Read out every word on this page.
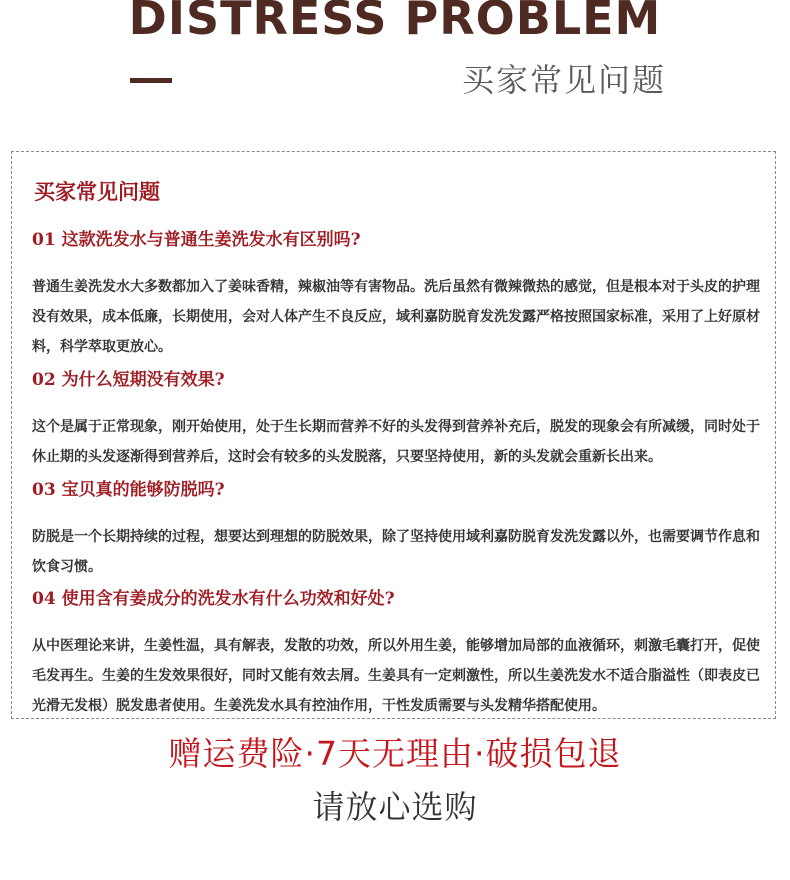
DISTRESS PROBLEM
买家常见问题
买家常见问题
01 这款洗发水与普通生姜洗发水有区别吗?
普通生姜洗发水大多数都加入了姜味香精，辣椒油等有害物品。洗后虽然有微辣微热的感觉，但是根本对于头皮的护理没有效果，成本低廉，长期使用，会对人体产生不良反应，域利嘉防脱育发洗发露严格按照国家标准，采用了上好原材料，科学萃取更放心。
02 为什么短期没有效果?
这个是属于正常现象，刚开始使用，处于生长期而营养不好的头发得到营养补充后，脱发的现象会有所减缓，同时处于休止期的头发逐渐得到营养后，这时会有较多的头发脱落，只要坚持使用，新的头发就会重新长出来。
03 宝贝真的能够防脱吗?
防脱是一个长期持续的过程，想要达到理想的防脱效果，除了坚持使用域利嘉防脱育发洗发露以外，也需要调节作息和饮食习惯。
04 使用含有姜成分的洗发水有什么功效和好处?
从中医理论来讲，生姜性温，具有解表，发散的功效，所以外用生姜，能够增加局部的血液循环，刺激毛囊打开，促使毛发再生。生姜的生发效果很好，同时又能有效去屑。生姜具有一定刺激性，所以生姜洗发水不适合脂溢性（即表皮已光滑无发根）脱发患者使用。生姜洗发水具有控油作用，干性发质需要与头发精华搭配使用。
赠运费险·7天无理由·破损包退
请放心选购
